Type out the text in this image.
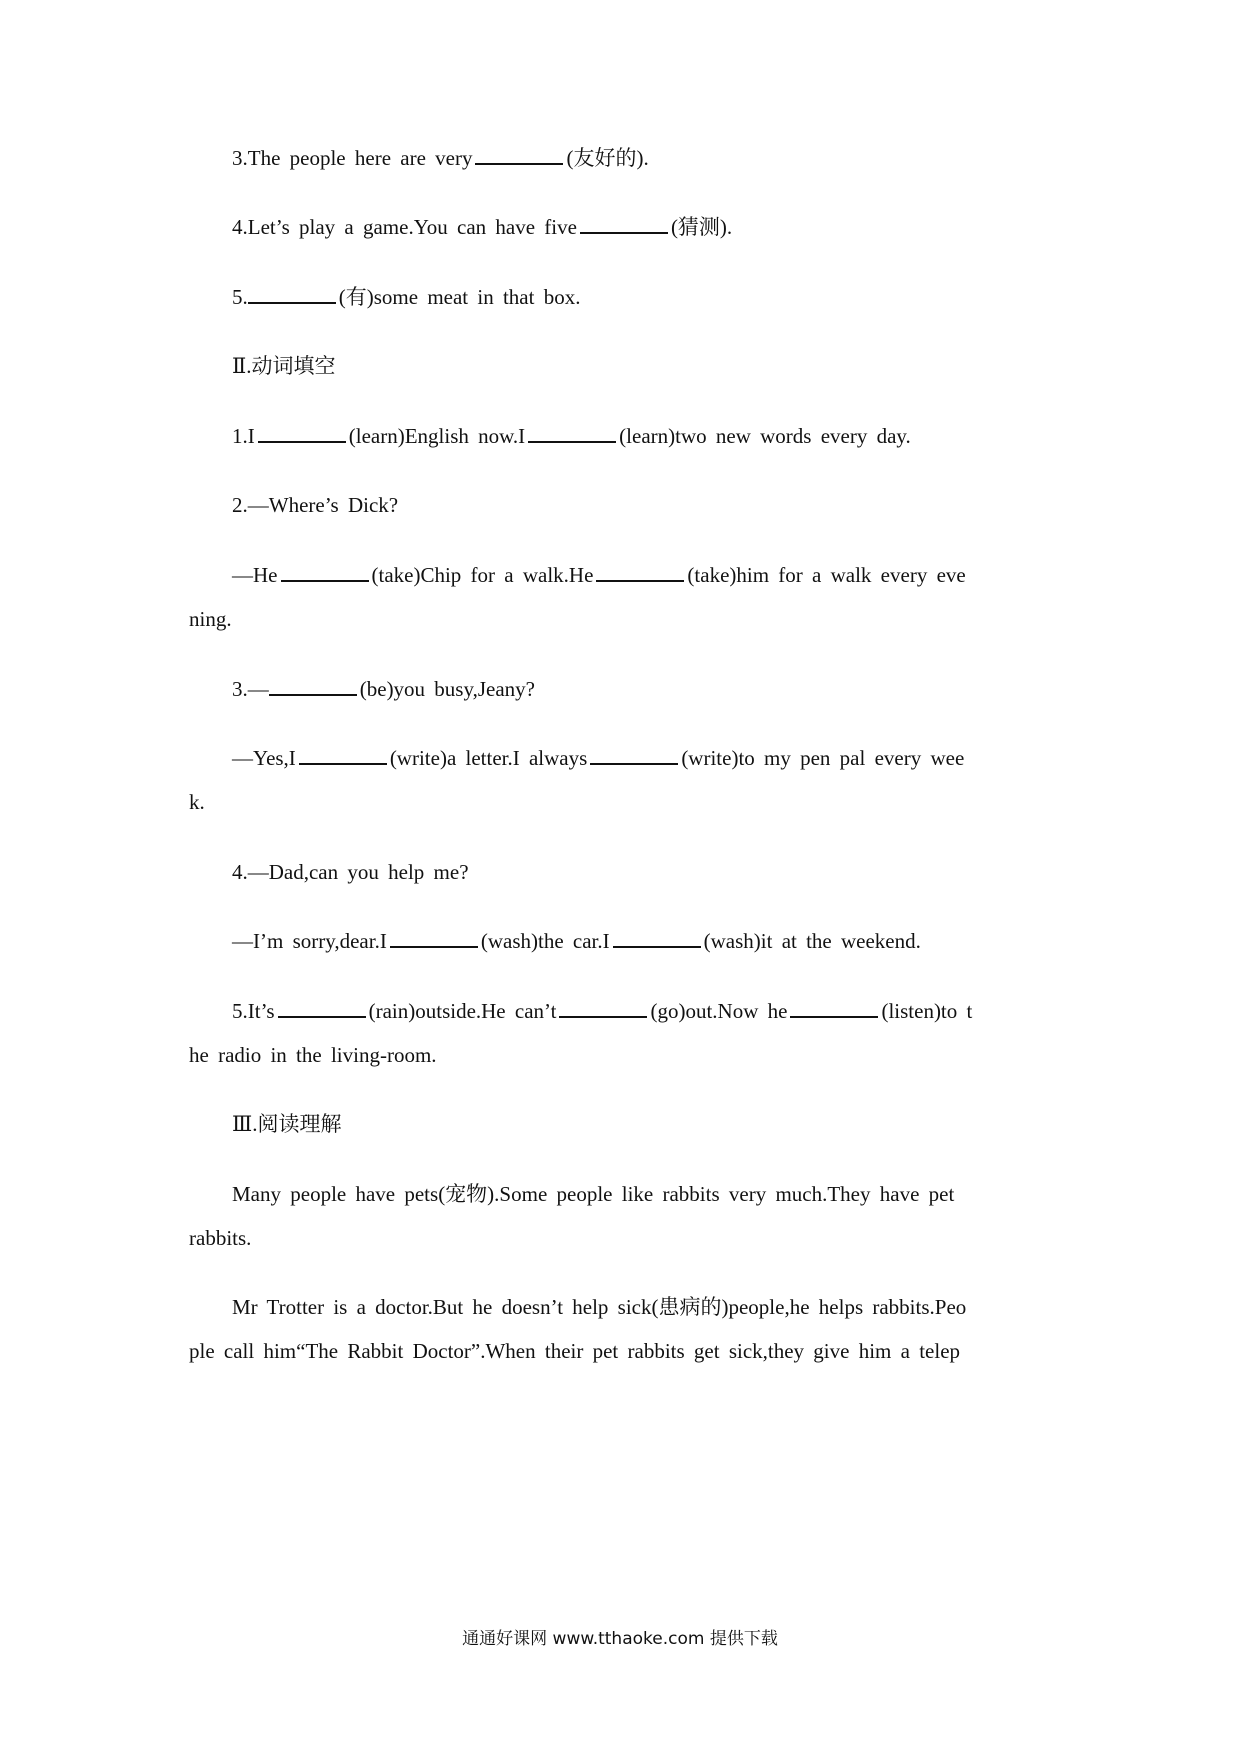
3.The people here are very	(友好的).
4.Let’s play a game.You can have five	(猜测).
5.	(有)some meat in that box.
Ⅱ.动词填空
1.I	(learn)English now.I	(learn)two new words every day.
2.—Where’s Dick?
—He	(take)Chip for a walk.He	(take)him for a walk every eve
ning.
3.—	(be)you busy,Jeany?
—Yes,I	(write)a letter.I always	(write)to my pen pal every wee
k.
4.—Dad,can you help me?
—I’m sorry,dear.I	(wash)the car.I	(wash)it at the weekend.
5.It’s	(rain)outside.He can’t	(go)out.Now he	(listen)to t
he radio in the living-room.
Ⅲ.阅读理解
Many people have pets(宠物).Some people like rabbits very much.They have pet
rabbits.
Mr Trotter is a doctor.But he doesn’t help sick(患病的)people,he helps rabbits.Peo
ple call him“The Rabbit Doctor”.When their pet rabbits get sick,they give him a telep
通通好课网 www.tthaoke.com 提供下载
